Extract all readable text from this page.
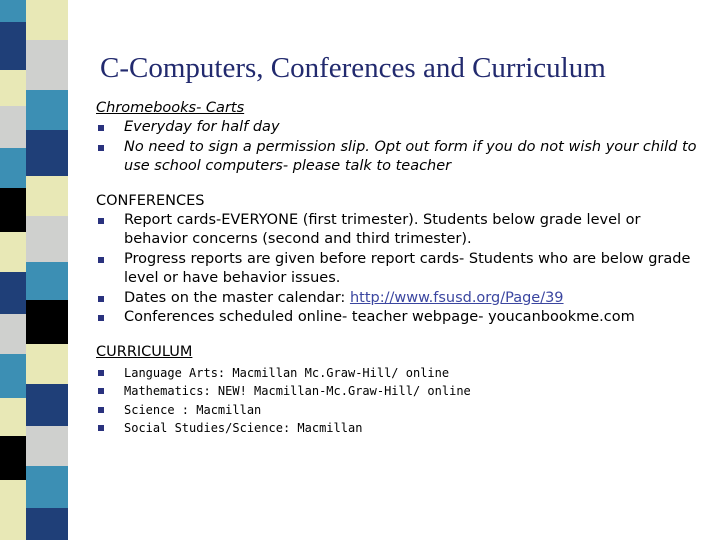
C-Computers, Conferences and Curriculum
Chromebooks- Carts
Everyday for half day
No need to sign a permission slip. Opt out form if you do not wish your child to use school computers- please talk to teacher
CONFERENCES
Report cards-EVERYONE (first trimester). Students below grade level or behavior concerns (second and third trimester).
Progress reports are given before report cards- Students who are below grade level or have behavior issues.
Dates on the master calendar: http://www.fsusd.org/Page/39
Conferences scheduled online- teacher webpage- youcanbookme.com
CURRICULUM
Language Arts: Macmillan Mc.Graw-Hill/ online
Mathematics: NEW! Macmillan-Mc.Graw-Hill/ online
Science : Macmillan
Social Studies/Science: Macmillan
